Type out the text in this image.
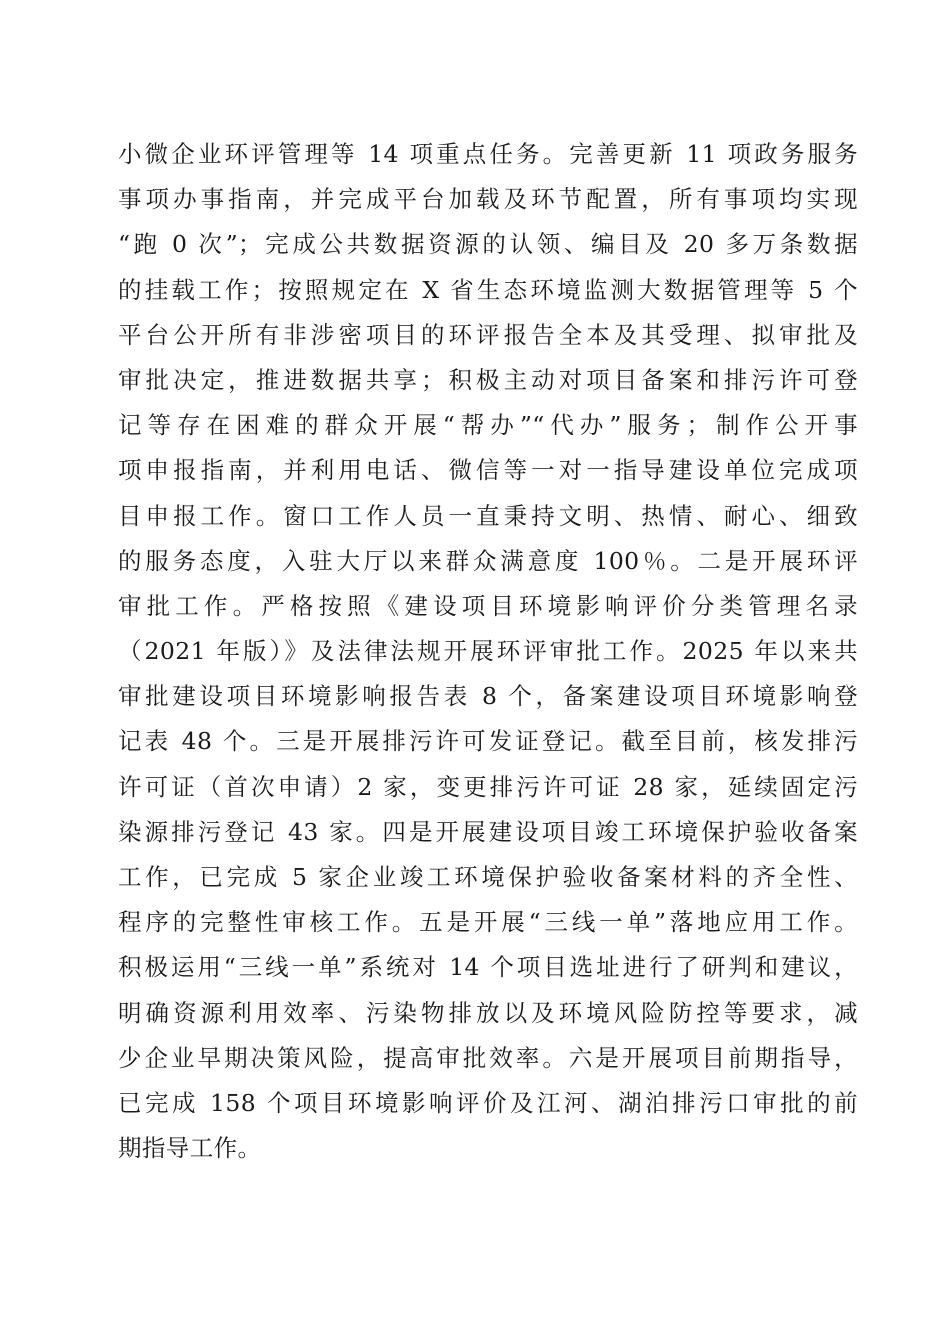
小微企业环评管理等 14 项重点任务。完善更新 11 项政务服务
事项办事指南，并完成平台加载及环节配置，所有事项均实现
“跑 0 次”；完成公共数据资源的认领、编目及 20 多万条数据
的挂载工作；按照规定在 X 省生态环境监测大数据管理等 5 个
平台公开所有非涉密项目的环评报告全本及其受理、拟审批及
审批决定，推进数据共享；积极主动对项目备案和排污许可登
记等存在困难的群众开展“帮办”“代办”服务；制作公开事
项申报指南，并利用电话、微信等一对一指导建设单位完成项
目申报工作。窗口工作人员一直秉持文明、热情、耐心、细致
的服务态度，入驻大厅以来群众满意度 100％。二是开展环评
审批工作。严格按照《建设项目环境影响评价分类管理名录
（2021 年版）》及法律法规开展环评审批工作。2025 年以来共
审批建设项目环境影响报告表 8 个，备案建设项目环境影响登
记表 48 个。三是开展排污许可发证登记。截至目前，核发排污
许可证（首次申请）2 家，变更排污许可证 28 家，延续固定污
染源排污登记 43 家。四是开展建设项目竣工环境保护验收备案
工作，已完成 5 家企业竣工环境保护验收备案材料的齐全性、
程序的完整性审核工作。五是开展“三线一单”落地应用工作。
积极运用“三线一单”系统对 14 个项目选址进行了研判和建议，
明确资源利用效率、污染物排放以及环境风险防控等要求，减
少企业早期决策风险，提高审批效率。六是开展项目前期指导，
已完成 158 个项目环境影响评价及江河、湖泊排污口审批的前
期指导工作。
